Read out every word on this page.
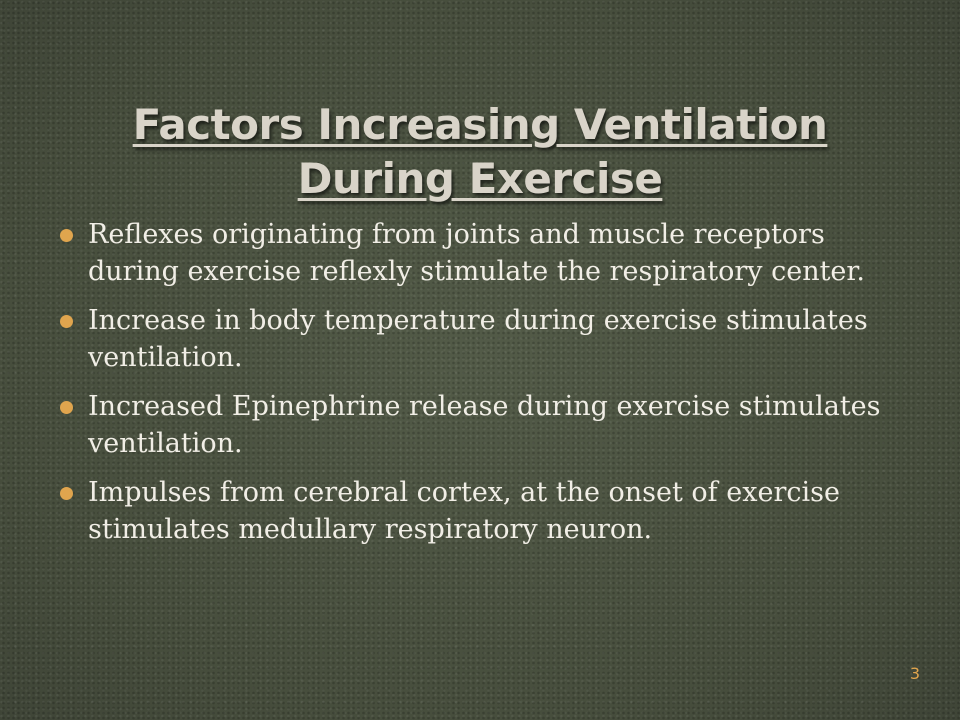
Factors Increasing Ventilation
During Exercise
Reflexes originating from joints and muscle receptors during exercise reflexly stimulate the respiratory center.
Increase in body temperature during exercise stimulates ventilation.
Increased Epinephrine release during exercise stimulates ventilation.
Impulses from cerebral cortex, at the onset of exercise stimulates medullary respiratory neuron.
3
